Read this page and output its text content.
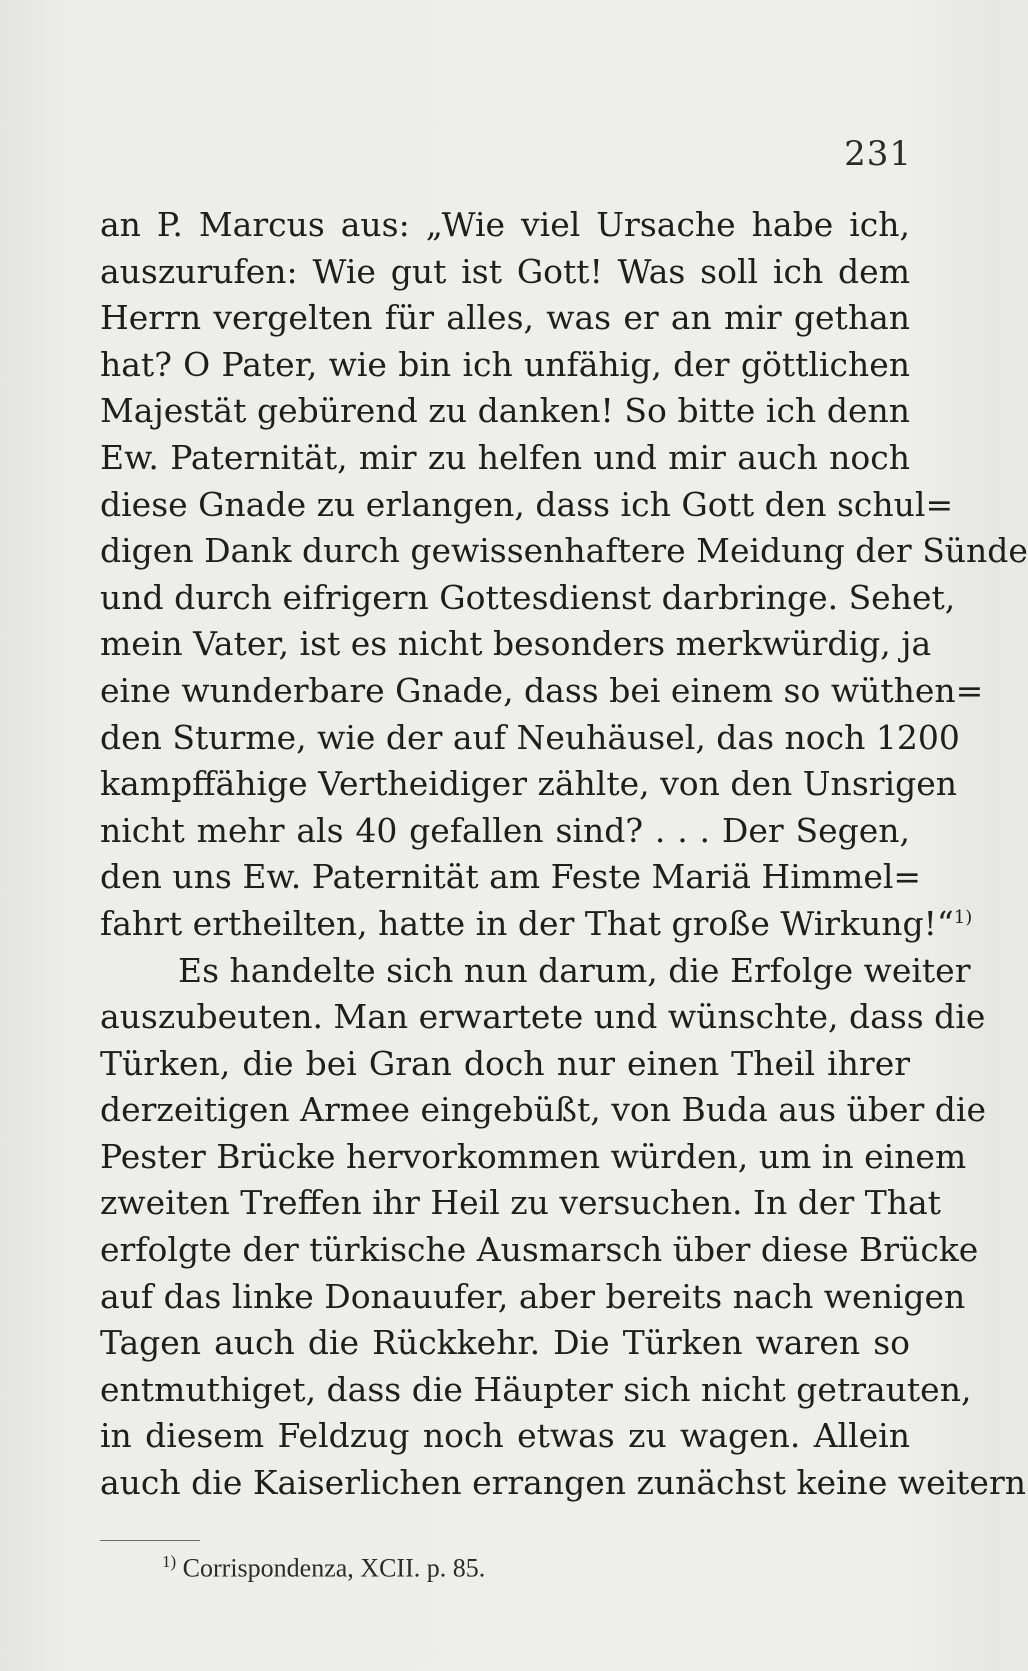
231
an P. Marcus aus: „Wie viel Ursache habe ich,
auszurufen: Wie gut ist Gott! Was soll ich dem
Herrn vergelten für alles, was er an mir gethan
hat? O Pater, wie bin ich unfähig, der göttlichen
Majestät gebürend zu danken! So bitte ich denn
Ew. Paternität, mir zu helfen und mir auch noch
diese Gnade zu erlangen, dass ich Gott den schul=
digen Dank durch gewissenhaftere Meidung der Sünde
und durch eifrigern Gottesdienst darbringe. Sehet,
mein Vater, ist es nicht besonders merkwürdig, ja
eine wunderbare Gnade, dass bei einem so wüthen=
den Sturme, wie der auf Neuhäusel, das noch 1200
kampffähige Vertheidiger zählte, von den Unsrigen
nicht mehr als 40 gefallen sind? . . . Der Segen,
den uns Ew. Paternität am Feste Mariä Himmel=
fahrt ertheilten, hatte in der That große Wirkung!“$^{1)}$
Es handelte sich nun darum, die Erfolge weiter
auszubeuten. Man erwartete und wünschte, dass die
Türken, die bei Gran doch nur einen Theil ihrer
derzeitigen Armee eingebüßt, von Buda aus über die
Pester Brücke hervorkommen würden, um in einem
zweiten Treffen ihr Heil zu versuchen. In der That
erfolgte der türkische Ausmarsch über diese Brücke
auf das linke Donauufer, aber bereits nach wenigen
Tagen auch die Rückkehr. Die Türken waren so
entmuthiget, dass die Häupter sich nicht getrauten,
in diesem Feldzug noch etwas zu wagen. Allein
auch die Kaiserlichen errangen zunächst keine weitern
$^{1)}$ Corrispondenza, XCII. p. 85.
